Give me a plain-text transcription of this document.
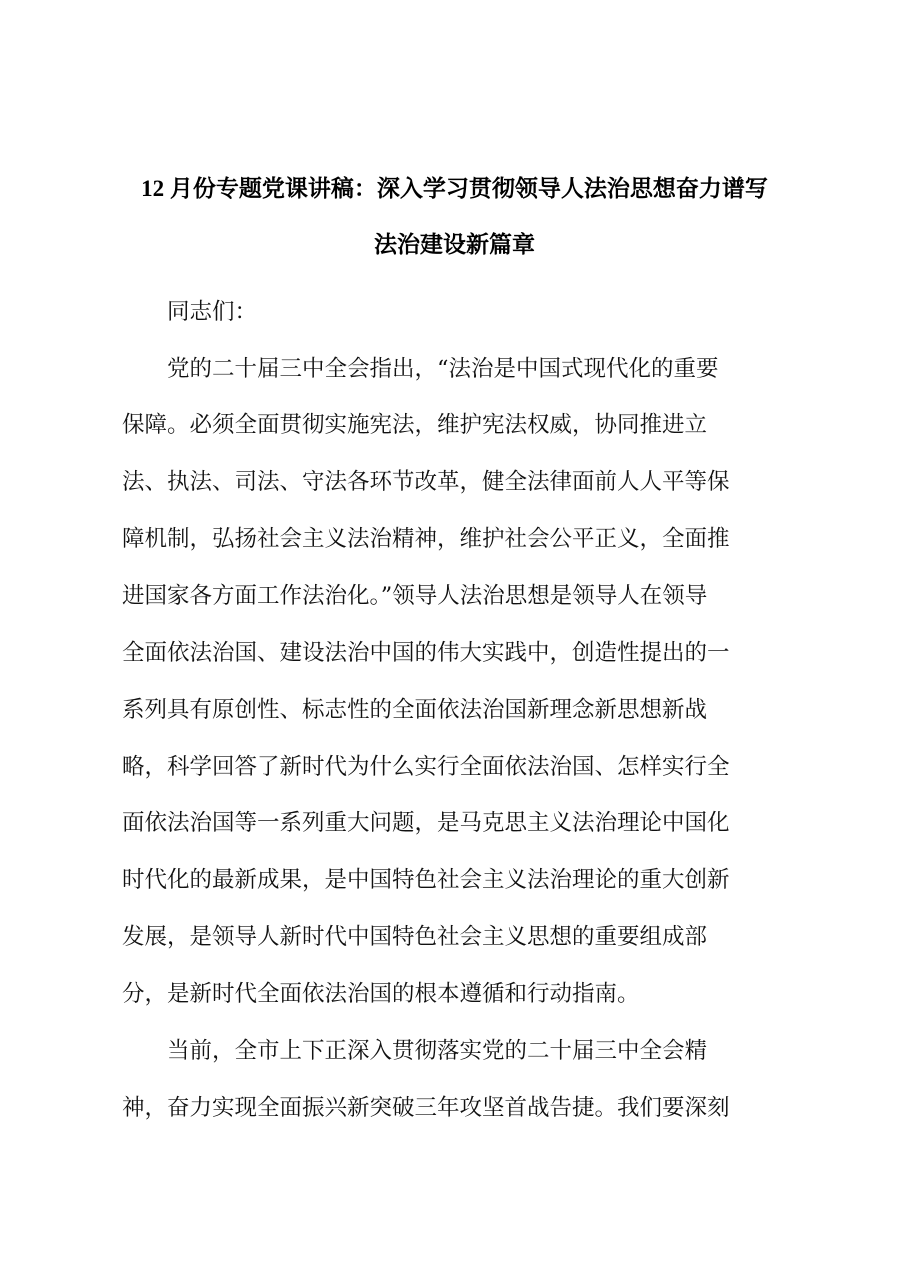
12 月份专题党课讲稿：深入学习贯彻领导人法治思想奋力谱写
法治建设新篇章
同志们：
党的二十届三中全会指出，“法治是中国式现代化的重要
保障。必须全面贯彻实施宪法，维护宪法权威，协同推进立
法、执法、司法、守法各环节改革，健全法律面前人人平等保
障机制，弘扬社会主义法治精神，维护社会公平正义，全面推
进国家各方面工作法治化。”领导人法治思想是领导人在领导
全面依法治国、建设法治中国的伟大实践中，创造性提出的一
系列具有原创性、标志性的全面依法治国新理念新思想新战
略，科学回答了新时代为什么实行全面依法治国、怎样实行全
面依法治国等一系列重大问题，是马克思主义法治理论中国化
时代化的最新成果，是中国特色社会主义法治理论的重大创新
发展，是领导人新时代中国特色社会主义思想的重要组成部
分，是新时代全面依法治国的根本遵循和行动指南。
当前，全市上下正深入贯彻落实党的二十届三中全会精
神，奋力实现全面振兴新突破三年攻坚首战告捷。我们要深刻
